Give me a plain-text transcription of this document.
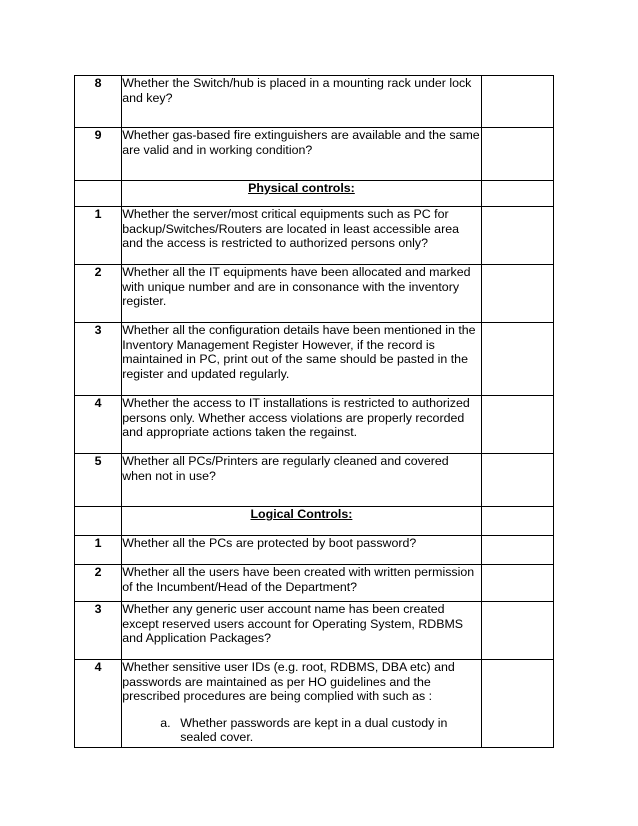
8	Whether the Switch/hub is placed in a mounting rack under lock and key?	
9	Whether gas-based fire extinguishers are available and the same are valid and in working condition?	
	Physical controls:	
1	Whether the server/most critical equipments such as PC for backup/Switches/Routers are located in least accessible area and the access is restricted to authorized persons only?	
2	Whether all the IT equipments have been allocated and marked with unique number and are in consonance with the inventory register.	
3	Whether all the configuration details have been mentioned in the Inventory Management Register However, if the record is maintained in PC, print out of the same should be pasted in the register and updated regularly.	
4	Whether the access to IT installations is restricted to authorized persons only. Whether access violations are properly recorded and appropriate actions taken the regainst.	
5	Whether all PCs/Printers are regularly cleaned and covered when not in use?	
	Logical Controls:	
1	Whether all the PCs are protected by boot password?	
2	Whether all the users have been created with written permission of the Incumbent/Head of the Department?	
3	Whether any generic user account name has been created except reserved users account for Operating System, RDBMS and Application Packages?	
4	Whether sensitive user IDs (e.g. root, RDBMS, DBA etc) and passwords are maintained as per HO guidelines and the prescribed procedures are being complied with such as :
a. Whether passwords are kept in a dual custody in sealed cover.	
